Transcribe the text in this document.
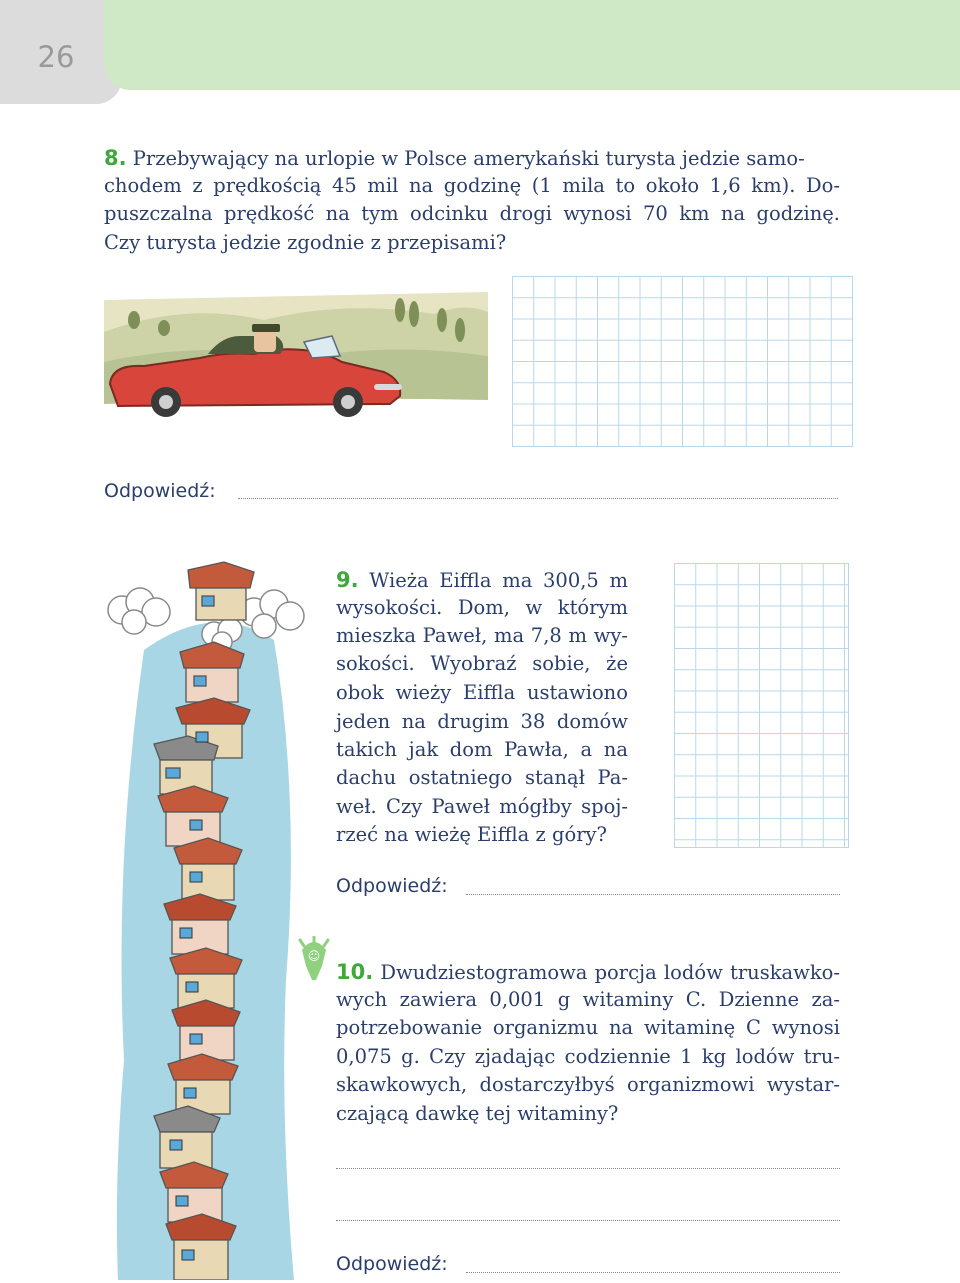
26

8. Przebywający na urlopie w Polsce amerykański turysta jedzie samo-

chodem z prędkością 45 mil na godzinę (1 mila to około 1,6 km). Do-

puszczalna prędkość na tym odcinku drogi wynosi 70 km na godzinę.

Czy turysta jedzie zgodnie z przepisami?

Odpowiedź:

9. Wieża Eiffla ma 300,5 m

wysokości. Dom, w którym

mieszka Paweł, ma 7,8 m wy-

sokości. Wyobraź sobie, że

obok wieży Eiffla ustawiono

jeden na drugim 38 domów

takich jak dom Pawła, a na

dachu ostatniego stanął Pa-

weł. Czy Paweł mógłby spoj-

rzeć na wieżę Eiffla z góry?

Odpowiedź:
☺

10. Dwudziestogramowa porcja lodów truskawko-

wych zawiera 0,001 g witaminy C. Dzienne za-

potrzebowanie organizmu na witaminę C wynosi

0,075 g. Czy zjadając codziennie 1 kg lodów tru-

skawkowych, dostarczyłbyś organizmowi wystar-

czającą dawkę tej witaminy?

Odpowiedź:
